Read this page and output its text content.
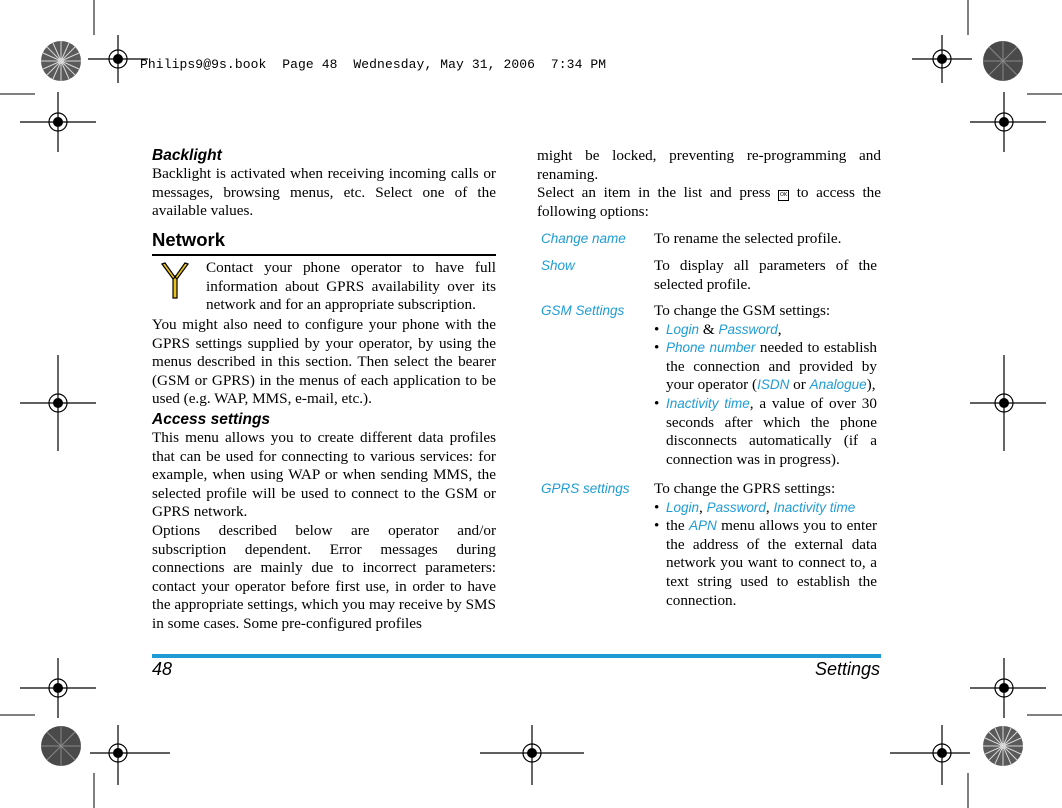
Philips9@9s.book  Page 48  Wednesday, May 31, 2006  7:34 PM
Backlight

Backlight is activated when receiving incoming calls or messages, browsing menus, etc. Select one of the available values.

Network

Contact your phone operator to have full information about GPRS availability over its network and for an appropriate subscription.

You might also need to configure your phone with the GPRS settings supplied by your operator, by using the menus described in this section. Then select the bearer (GSM or GPRS) in the menus of each application to be used (e.g. WAP, MMS, e-mail, etc.).

Access settings

This menu allows you to create different data profiles that can be used for connecting to various services: for example, when using WAP or when sending MMS, the selected profile will be used to connect to the GSM or GPRS network.

Options described below are operator and/or subscription dependent. Error messages during connections are mainly due to incorrect parameters: contact your operator before first use, in order to have the appropriate settings, which you may receive by SMS in some cases. Some pre-configured profiles

might be locked, preventing re-programming and renaming.

Select an item in the list and press OK to access the following options:

Change name To rename the selected profile.
Show	To display all parameters of the selected profile.
GSM Settings To change the GSM settings:
• Login & Password,
• Phone number needed to establish the connection and provided by your operator (ISDN or Analogue),
• Inactivity time, a value of over 30 seconds after which the phone disconnects automatically (if a connection was in progress).
GPRS settings To change the GPRS settings:
• Login, Password, Inactivity time
• the APN menu allows you to enter the address of the external data network you want to connect to, a text string used to establish the connection.
48	Settings
